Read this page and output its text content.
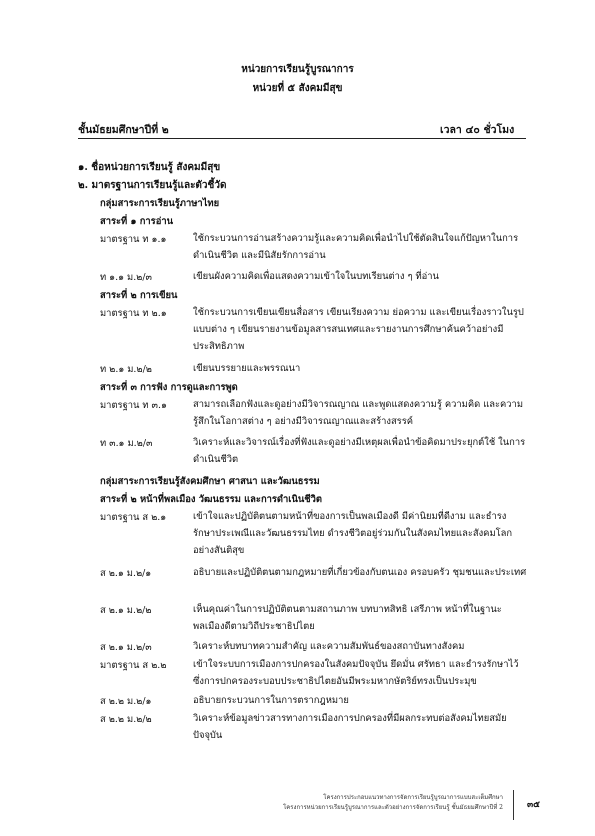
หน่วยการเรียนรู้บูรณาการ
หน่วยที่ ๕ สังคมมีสุข
ชั้นมัธยมศึกษาปีที่ ๒	เวลา ๔๐ ชั่วโมง
๑. ชื่อหน่วยการเรียนรู้ สังคมมีสุข
๒. มาตรฐานการเรียนรู้และตัวชี้วัด
กลุ่มสาระการเรียนรู้ภาษาไทย
สาระที่ ๑ การอ่าน
มาตรฐาน ท ๑.๑	ใช้กระบวนการอ่านสร้างความรู้และความคิดเพื่อนำไปใช้ตัดสินใจแก้ปัญหาในการดำเนินชีวิต และมีนิสัยรักการอ่าน
ท ๑.๑ ม.๒/๓	เขียนผังความคิดเพื่อแสดงความเข้าใจในบทเรียนต่าง ๆ ที่อ่าน
สาระที่ ๒ การเขียน
มาตรฐาน ท ๒.๑	ใช้กระบวนการเขียนเขียนสื่อสาร เขียนเรียงความ ย่อความ และเขียนเรื่องราวในรูปแบบต่าง ๆ เขียนรายงานข้อมูลสารสนเทศและรายงานการศึกษาค้นคว้าอย่างมีประสิทธิภาพ
ท ๒.๑ ม.๒/๒	เขียนบรรยายและพรรณนา
สาระที่ ๓ การฟัง การดูและการพูด
มาตรฐาน ท ๓.๑	สามารถเลือกฟังและดูอย่างมีวิจารณญาณ และพูดแสดงความรู้ ความคิด และความรู้สึกในโอกาสต่าง ๆ อย่างมีวิจารณญาณและสร้างสรรค์
ท ๓.๑ ม.๒/๓	วิเคราะห์และวิจารณ์เรื่องที่ฟังและดูอย่างมีเหตุผลเพื่อนำข้อคิดมาประยุกต์ใช้ ในการดำเนินชีวิต
กลุ่มสาระการเรียนรู้สังคมศึกษา ศาสนา และวัฒนธรรม
สาระที่ ๒ หน้าที่พลเมือง วัฒนธรรม และการดำเนินชีวิต
มาตรฐาน ส ๒.๑	เข้าใจและปฏิบัติตนตามหน้าที่ของการเป็นพลเมืองดี มีค่านิยมที่ดีงาม และธำรงรักษาประเพณีและวัฒนธรรมไทย ดำรงชีวิตอยู่ร่วมกันในสังคมไทยและสังคมโลกอย่างสันติสุข
ส ๒.๑ ม.๒/๑	อธิบายและปฏิบัติตนตามกฎหมายที่เกี่ยวข้องกับตนเอง ครอบครัว ชุมชนและประเทศ
ส ๒.๑ ม.๒/๒	เห็นคุณค่าในการปฏิบัติตนตามสถานภาพ บทบาทสิทธิ เสรีภาพ หน้าที่ในฐานะพลเมืองดีตามวิถีประชาธิปไตย
ส ๒.๑ ม.๒/๓	วิเคราะห์บทบาทความสำคัญ และความสัมพันธ์ของสถาบันทางสังคม
มาตรฐาน ส ๒.๒	เข้าใจระบบการเมืองการปกครองในสังคมปัจจุบัน ยึดมั่น ศรัทธา และธำรงรักษาไว้ซึ่งการปกครองระบอบประชาธิปไตยอันมีพระมหากษัตริย์ทรงเป็นประมุข
ส ๒.๒ ม.๒/๑	อธิบายกระบวนการในการตรากฎหมาย
ส ๒.๒ ม.๒/๒	วิเคราะห์ข้อมูลข่าวสารทางการเมืองการปกครองที่มีผลกระทบต่อสังคมไทยสมัยปัจจุบัน
โครงการประกอบแนวทางการจัดการเรียนรู้บูรณาการแบบสะเต็มศึกษา
โครงการหน่วยการเรียนรู้บูรณาการและตัวอย่างการจัดการเรียนรู้ ชั้นมัธยมศึกษาปีที่ 2	๓๕
